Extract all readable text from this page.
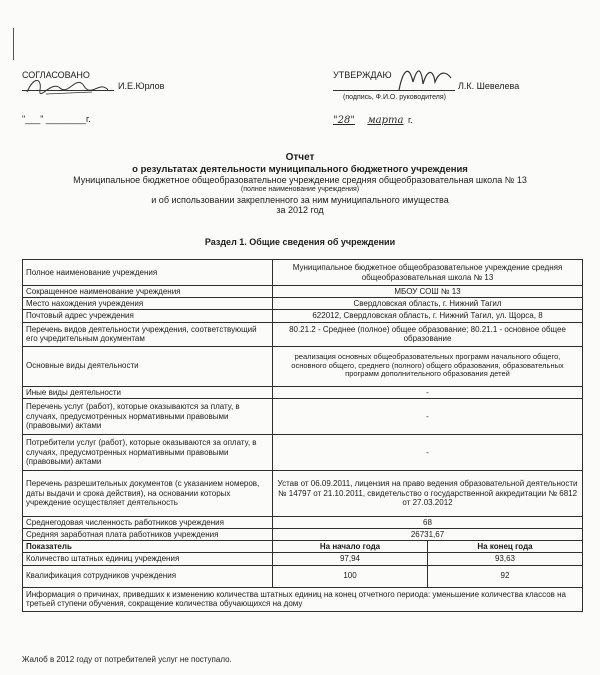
СОГЛАСОВАНО
И.Е.Юрлов
"___" ________г.
УТВЕРЖДАЮ
Л.К. Шевелева
(подпись, Ф.И.О. руководителя)
"28" марта г.
Отчет
о результатах деятельности муниципального бюджетного учреждения
Муниципальное бюджетное общеобразовательное учреждение средняя общеобразовательная школа № 13
(полное наименование учреждения)
и об использовании закрепленного за ним муниципального имущества
за 2012 год
Раздел 1. Общие сведения об учреждении
Полное наименование учреждения	Муниципальное бюджетное общеобразовательное учреждение средняя общеобразовательная школа № 13	
Сокращенное наименование учреждения	МБОУ СОШ № 13	
Место нахождения учреждения	Свердловская область, г. Нижний Тагил	
Почтовый адрес учреждения	622012, Свердловская область, г. Нижний Тагил, ул. Щорса, 8	
Перечень видов деятельности учреждения, соответствующий его учредительным документам	80.21.2 - Среднее (полное) общее образование; 80.21.1 - основное общее образование	
Основные виды деятельности	реализация основных общеобразовательных программ начального общего, основного общего, среднего (полного) общего образования, образовательных программ дополнительного образования детей	
Иные виды деятельности	-	
Перечень услуг (работ), которые оказываются за плату, в случаях, предусмотренных нормативными правовыми (правовыми) актами	-	
Потребители услуг (работ), которые оказываются за оплату, в случаях, предусмотренных нормативными правовыми (правовыми) актами	-	
Перечень разрешительных документов (с указанием номеров, даты выдачи и срока действия), на основании которых учреждение осуществляет деятельность	Устав от 06.09.2011, лицензия на право ведения образовательной деятельности № 14797 от 21.10.2011, свидетельство о государственной аккредитации № 6812 от 27.03.2012	
Среднегодовая численность работников учреждения	68	
Средняя заработная плата работников учреждения	26731,67	
Показатель	На начало года	На конец года
Количество штатных единиц учреждения	97,94	93,63
Квалификация сотрудников учреждения	100	92
Информация о причинах, приведших к изменению количества штатных единиц на конец отчетного периода: уменьшение количества классов на третьей ступени обучения, сокращение количества обучающихся на дому		
Жалоб в 2012 году от потребителей услуг не поступало.
